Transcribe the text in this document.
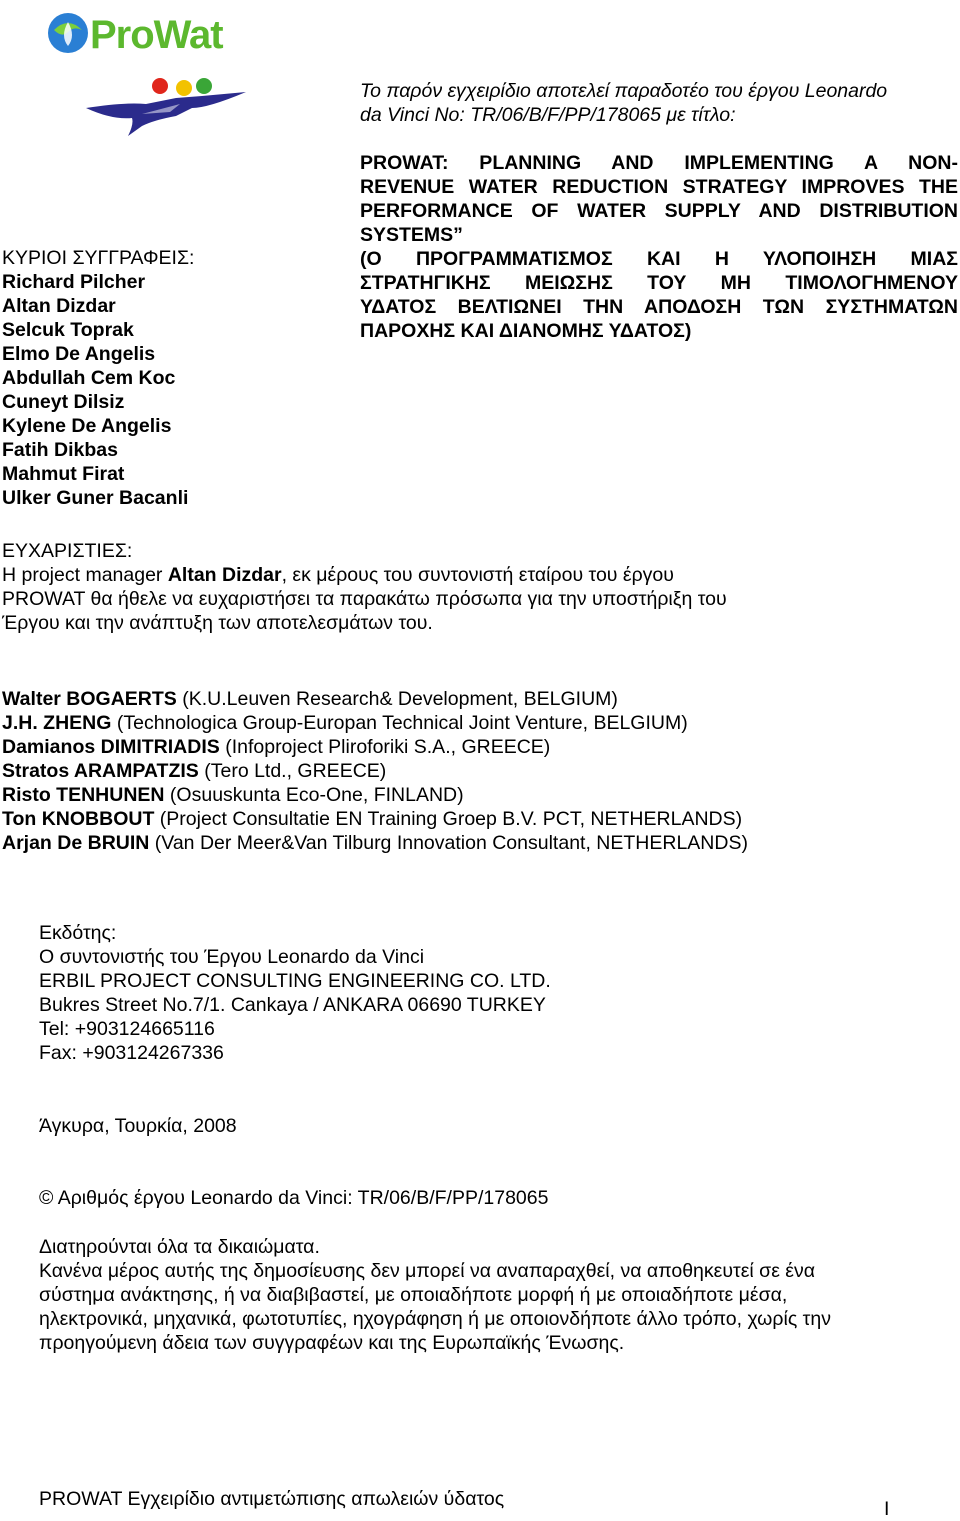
ProWat
Το παρόν εγχειρίδιο αποτελεί παραδοτέο του έργου Leonardo
da Vinci No: TR/06/B/F/PP/178065 με τίτλο:
PROWAT: PLANNING AND IMPLEMENTING A NON-
REVENUE WATER REDUCTION STRATEGY IMPROVES THE
PERFORMANCE OF WATER SUPPLY AND DISTRIBUTION
SYSTEMS”
(Ο ΠΡΟΓΡΑΜΜΑΤΙΣΜΟΣ ΚΑΙ Η ΥΛΟΠΟΙΗΣΗ ΜΙΑΣ
ΣΤΡΑΤΗΓΙΚΗΣ ΜΕΙΩΣΗΣ ΤΟΥ ΜΗ ΤΙΜΟΛΟΓΗΜΕΝΟΥ
ΥΔΑΤΟΣ ΒΕΛΤΙΩΝΕΙ ΤΗΝ ΑΠΟΔΟΣΗ ΤΩΝ ΣΥΣΤΗΜΑΤΩΝ
ΠΑΡΟΧΗΣ ΚΑΙ ΔΙΑΝΟΜΗΣ ΥΔΑΤΟΣ)
ΚΥΡΙΟΙ ΣΥΓΓΡΑΦΕΙΣ:
Richard Pilcher
Altan Dizdar
Selcuk Toprak
Elmo De Angelis
Abdullah Cem Koc
Cuneyt Dilsiz
Kylene De Angelis
Fatih Dikbas
Mahmut Firat
Ulker Guner Bacanli
ΕΥΧΑΡΙΣΤΙΕΣ:
Η project manager Altan Dizdar, εκ μέρους του συντονιστή εταίρου του έργου
PROWAT θα ήθελε να ευχαριστήσει τα παρακάτω πρόσωπα για την υποστήριξη του
Έργου και την ανάπτυξη των αποτελεσμάτων του.
Walter BOGAERTS (K.U.Leuven Research& Development, BELGIUM)
J.H. ZHENG (Technologica Group-Europan Technical Joint Venture, BELGIUM)
Damianos DIMITRIADIS (Infoproject Pliroforiki S.A., GREECE)
Stratos ARAMPATZIS (Tero Ltd., GREECE)
Risto TENHUNEN (Osuuskunta Eco-One, FINLAND)
Ton KNOBBOUT (Project Consultatie EN Training Groep B.V. PCT, NETHERLANDS)
Arjan De BRUIN (Van Der Meer&Van Tilburg Innovation Consultant, NETHERLANDS)
Εκδότης:
Ο συντονιστής του Έργου Leonardo da Vinci
ERBIL PROJECT CONSULTING ENGINEERING CO. LTD.
Bukres Street No.7/1. Cankaya / ANKARA 06690 TURKEY
Tel: +903124665116
Fax: +903124267336
Άγκυρα, Τουρκία, 2008
© Αριθμός έργου Leonardo da Vinci: TR/06/B/F/PP/178065
Διατηρούνται όλα τα δικαιώματα.
Κανένα μέρος αυτής της δημοσίευσης δεν μπορεί να αναπαραχθεί, να αποθηκευτεί σε ένα
σύστημα ανάκτησης, ή να διαβιβαστεί, με οποιαδήποτε μορφή ή με οποιαδήποτε μέσα,
ηλεκτρονικά, μηχανικά, φωτοτυπίες, ηχογράφηση ή με οποιονδήποτε άλλο τρόπο, χωρίς την
προηγούμενη άδεια των συγγραφέων και της Ευρωπαϊκής Ένωσης.
PROWAT Εγχειρίδιο αντιμετώπισης απωλειών ύδατος	I
